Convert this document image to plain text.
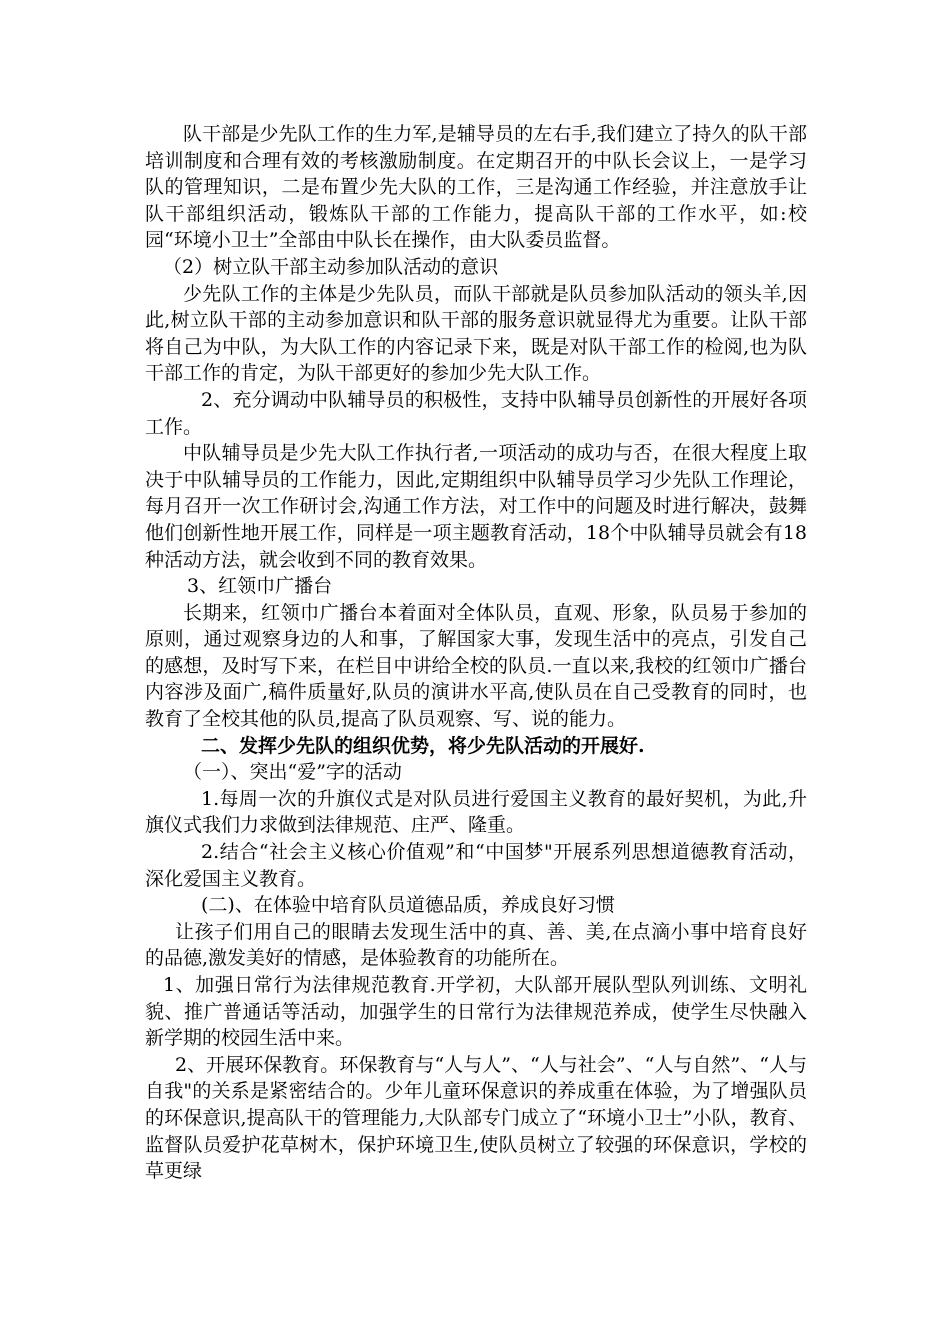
队干部是少先队工作的生力军,是辅导员的左右手,我们建立了持久的队干部培训制度和合理有效的考核激励制度。在定期召开的中队长会议上，一是学习队的管理知识，二是布置少先大队的工作，三是沟通工作经验，并注意放手让队干部组织活动，锻炼队干部的工作能力，提高队干部的工作水平，如:校园“环境小卫士”全部由中队长在操作，由大队委员监督。

（2）树立队干部主动参加队活动的意识

少先队工作的主体是少先队员，而队干部就是队员参加队活动的领头羊,因此,树立队干部的主动参加意识和队干部的服务意识就显得尤为重要。让队干部将自己为中队，为大队工作的内容记录下来，既是对队干部工作的检阅,也为队干部工作的肯定，为队干部更好的参加少先大队工作。

2、充分调动中队辅导员的积极性，支持中队辅导员创新性的开展好各项工作。

中队辅导员是少先大队工作执行者,一项活动的成功与否，在很大程度上取决于中队辅导员的工作能力，因此,定期组织中队辅导员学习少先队工作理论，每月召开一次工作研讨会,沟通工作方法，对工作中的问题及时进行解决，鼓舞他们创新性地开展工作，同样是一项主题教育活动，18个中队辅导员就会有18种活动方法，就会收到不同的教育效果。

3、红领巾广播台

长期来，红领巾广播台本着面对全体队员，直观、形象，队员易于参加的原则，通过观察身边的人和事，了解国家大事，发现生活中的亮点，引发自己的感想，及时写下来，在栏目中讲给全校的队员.一直以来,我校的红领巾广播台内容涉及面广,稿件质量好,队员的演讲水平高,使队员在自己受教育的同时，也教育了全校其他的队员,提高了队员观察、写、说的能力。

二、发挥少先队的组织优势，将少先队活动的开展好.

（一）、突出“爱”字的活动

1.每周一次的升旗仪式是对队员进行爱国主义教育的最好契机，为此,升旗仪式我们力求做到法律规范、庄严、隆重。

2.结合“社会主义核心价值观”和“中国梦"开展系列思想道德教育活动，深化爱国主义教育。

(二)、在体验中培育队员道德品质，养成良好习惯

让孩子们用自己的眼睛去发现生活中的真、善、美,在点滴小事中培育良好的品德,激发美好的情感，是体验教育的功能所在。

1、加强日常行为法律规范教育.开学初，大队部开展队型队列训练、文明礼貌、推广普通话等活动，加强学生的日常行为法律规范养成，使学生尽快融入新学期的校园生活中来。

2、开展环保教育。环保教育与“人与人”、“人与社会”、“人与自然”、“人与自我"的关系是紧密结合的。少年儿童环保意识的养成重在体验，为了增强队员的环保意识,提高队干的管理能力,大队部专门成立了“环境小卫士”小队，教育、监督队员爱护花草树木，保护环境卫生,使队员树立了较强的环保意识，学校的草更绿
